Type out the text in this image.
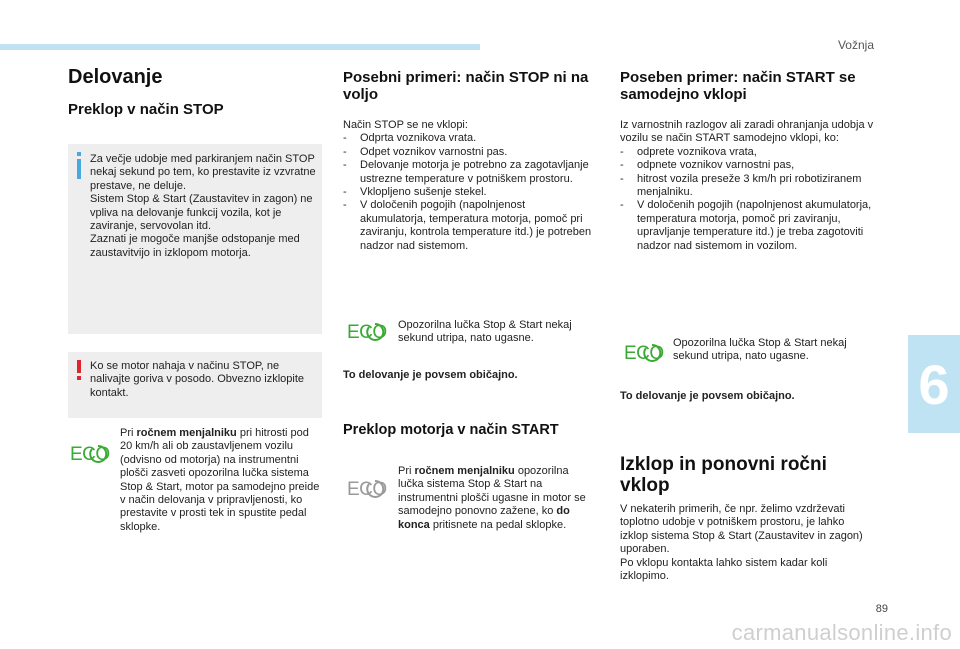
Vožnja
6
Delovanje
Preklop v način STOP
Za večje udobje med parkiranjem način STOP nekaj sekund po tem, ko prestavite iz vzvratne prestave, ne deluje.
Sistem Stop & Start (Zaustavitev in zagon) ne vpliva na delovanje funkcij vozila, kot je zaviranje, servovolan itd.
Zaznati je mogoče manjše odstopanje med zaustavitvijo in izklopom motorja.
Ko se motor nahaja v načinu STOP, ne nalivajte goriva v posodo. Obvezno izklopite kontakt.
ECO
Pri ročnem menjalniku pri hitrosti pod 20 km/h ali ob zaustavljenem vozilu (odvisno od motorja) na instrumentni plošči zasveti opozorilna lučka sistema Stop & Start, motor pa samodejno preide v način delovanja v pripravljenosti, ko prestavite v prosti tek in spustite pedal sklopke.
Posebni primeri: način STOP ni na voljo

Način STOP se ne vklopi:

- Odprta voznikova vrata.
- Odpet voznikov varnostni pas.
- Delovanje motorja je potrebno za zagotavljanje ustrezne temperature v potniškem prostoru.
- Vklopljeno sušenje stekel.
- V določenih pogojih (napolnjenost akumulatorja, temperatura motorja, pomoč pri zaviranju, kontrola temperature itd.) je potreben nadzor nad sistemom.
ECO Opozorilna lučka Stop & Start nekaj sekund utripa, nato ugasne.
To delovanje je povsem običajno.
Preklop motorja v način START
ECO
Pri ročnem menjalniku opozorilna lučka sistema Stop & Start na instrumentni plošči ugasne in motor se samodejno ponovno zažene, ko do konca pritisnete na pedal sklopke.
Poseben primer: način START se samodejno vklopi

Iz varnostnih razlogov ali zaradi ohranjanja udobja v vozilu se način START samodejno vklopi, ko:

- odprete voznikova vrata,
- odpnete voznikov varnostni pas,
- hitrost vozila preseže 3 km/h pri robotiziranem menjalniku.
- V določenih pogojih (napolnjenost akumulatorja, temperatura motorja, pomoč pri zaviranju, upravljanje temperature itd.) je treba zagotoviti nadzor nad sistemom in vozilom.
ECO Opozorilna lučka Stop & Start nekaj sekund utripa, nato ugasne.
To delovanje je povsem običajno.
Izklop in ponovni ročni vklop
V nekaterih primerih, če npr. želimo vzdrževati toplotno udobje v potniškem prostoru, je lahko izklop sistema Stop & Start (Zaustavitev in zagon) uporaben.
Po vklopu kontakta lahko sistem kadar koli izklopimo.
89
carmanualsonline.info
